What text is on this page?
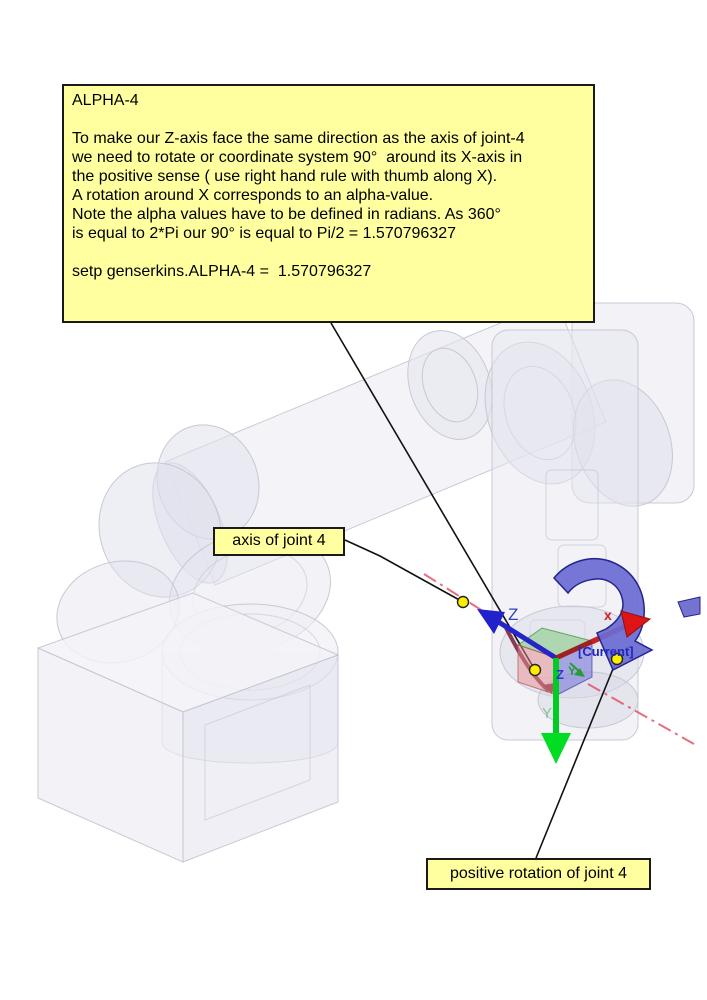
Z	x
Y
Z Y
ALPHA-4
To make our Z-axis face the same direction as the axis of joint-4
we need to rotate or coordinate system 90°  around its X-axis in
the positive sense ( use right hand rule with thumb along X).
A rotation around X corresponds to an alpha-value.
Note the alpha values have to be defined in radians. As 360°
is equal to 2*Pi our 90° is equal to Pi/2 = 1.570796327
setp genserkins.ALPHA-4 =  1.570796327
axis of joint 4
positive rotation of joint 4
[Current]
